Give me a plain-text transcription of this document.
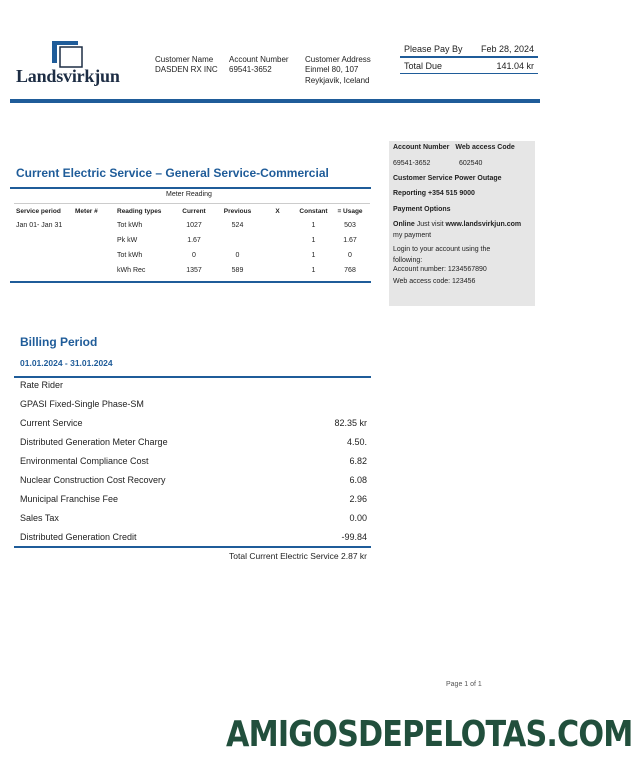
Landsvirkjun
Customer Name
DASDEN RX INC
Account Number
69541-3652
Customer Address
Einmel 80, 107
Reykjavik, Iceland
Please Pay By Feb 28, 2024
Total Due	141.04 kr
Current Electric Service – General Service-Commercial
Meter Reading
Service period	Meter #	Reading types	Current	Previous	X	Constant	= Usage
Jan 01- Jan 31		Tot kWh	1027	524		1	503
		Pk kW	1.67			1	1.67
		Tot kWh	0	0		1	0
		kWh Rec	1357	589		1	768
Account Number Web access Code
69541-3652	602540
Customer Service Power Outage
Reporting +354 515 9000
Payment Options
Online Just visit www.landsvirkjun.com
my payment
Login to your account using the following:
Account number: 1234567890
Web access code: 123456
Billing Period
01.01.2024 - 31.01.2024
Rate Rider
GPASI Fixed-Single Phase-SM
Current Service	82.35 kr
Distributed Generation Meter Charge	4.50.
Environmental Compliance Cost	6.82
Nuclear Construction Cost Recovery	6.08
Municipal Franchise Fee	2.96
Sales Tax	0.00
Distributed Generation Credit	-99.84
Total Current Electric Service 2.87 kr
Page 1 of 1
AMIGOSDEPELOTAS.COM
